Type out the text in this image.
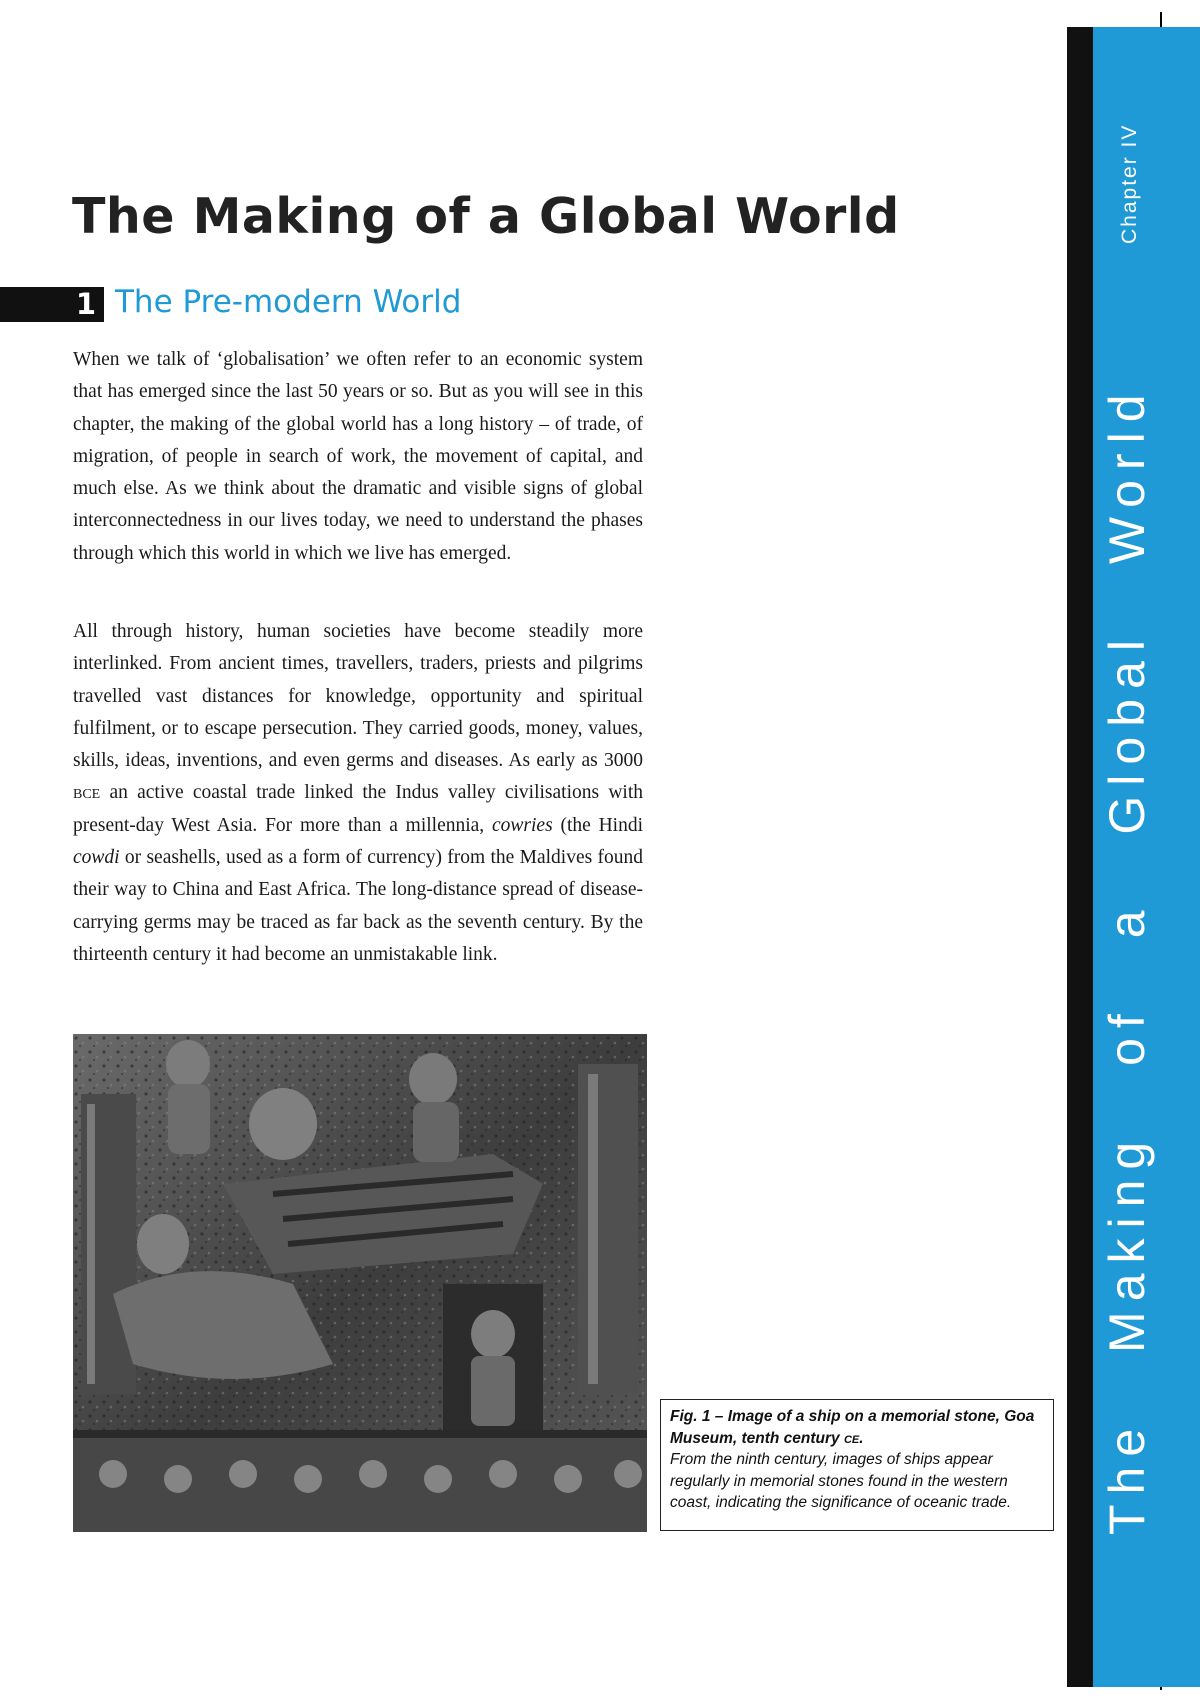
Chapter IV
The Making of a Global World
The Making of a Global World
1 The Pre-modern World

When we talk of ‘globalisation’ we often refer to an economic system that has emerged since the last 50 years or so. But as you will see in this chapter, the making of the global world has a long history – of trade, of migration, of people in search of work, the movement of capital, and much else. As we think about the dramatic and visible signs of global interconnectedness in our lives today, we need to understand the phases through which this world in which we live has emerged.

All through history, human societies have become steadily more interlinked. From ancient times, travellers, traders, priests and pilgrims travelled vast distances for knowledge, opportunity and spiritual fulfilment, or to escape persecution. They carried goods, money, values, skills, ideas, inventions, and even germs and diseases. As early as 3000 bce an active coastal trade linked the Indus valley civilisations with present-day West Asia. For more than a millennia, cowries (the Hindi cowdi or seashells, used as a form of currency) from the Maldives found their way to China and East Africa. The long-distance spread of disease-carrying germs may be traced as far back as the seventh century. By the thirteenth century it had become an unmistakable link.

Fig. 1 – Image of a ship on a memorial stone, Goa Museum, tenth century ce.
From the ninth century, images of ships appear regularly in memorial stones found in the western coast, indicating the significance of oceanic trade.
